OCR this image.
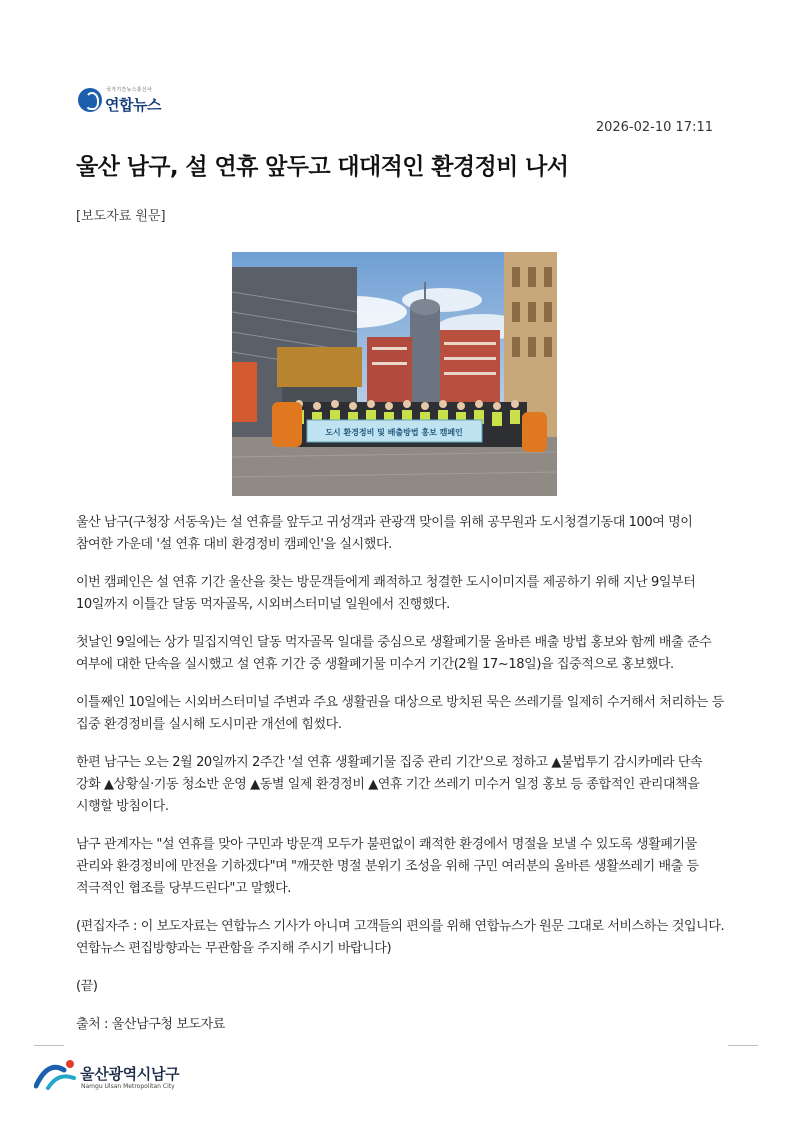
국가기간뉴스통신사
연합뉴스
2026-02-10 17:11
울산 남구, 설 연휴 앞두고 대대적인 환경정비 나서
[보도자료 원문]
도시 환경정비 및 배출방법 홍보 캠페인

울산 남구(구청장 서동욱)는 설 연휴를 앞두고 귀성객과 관광객 맞이를 위해 공무원과 도시청결기동대 100여 명이 참여한 가운데 '설 연휴 대비 환경정비 캠페인'을 실시했다.

이번 캠페인은 설 연휴 기간 울산을 찾는 방문객들에게 쾌적하고 청결한 도시이미지를 제공하기 위해 지난 9일부터 10일까지 이틀간 달동 먹자골목, 시외버스터미널 일원에서 진행했다.

첫날인 9일에는 상가 밀집지역인 달동 먹자골목 일대를 중심으로 생활폐기물 올바른 배출 방법 홍보와 함께 배출 준수 여부에 대한 단속을 실시했고 설 연휴 기간 중 생활폐기물 미수거 기간(2월 17~18일)을 집중적으로 홍보했다.

이틀째인 10일에는 시외버스터미널 주변과 주요 생활권을 대상으로 방치된 묵은 쓰레기를 일제히 수거해서 처리하는 등 집중 환경정비를 실시해 도시미관 개선에 힘썼다.

한편 남구는 오는 2월 20일까지 2주간 '설 연휴 생활폐기물 집중 관리 기간'으로 정하고 ▲불법투기 감시카메라 단속 강화 ▲상황실·기동 청소반 운영 ▲동별 일제 환경정비 ▲연휴 기간 쓰레기 미수거 일정 홍보 등 종합적인 관리대책을 시행할 방침이다.

남구 관계자는 "설 연휴를 맞아 구민과 방문객 모두가 불편없이 쾌적한 환경에서 명절을 보낼 수 있도록 생활폐기물 관리와 환경정비에 만전을 기하겠다"며 "깨끗한 명절 분위기 조성을 위해 구민 여러분의 올바른 생활쓰레기 배출 등 적극적인 협조를 당부드린다"고 말했다.

(편집자주 : 이 보도자료는 연합뉴스 기사가 아니며 고객들의 편의를 위해 연합뉴스가 원문 그대로 서비스하는 것입니다. 연합뉴스 편집방향과는 무관함을 주지해 주시기 바랍니다)

(끝)

출처 : 울산남구청 보도자료

울산광역시남구
Namgu Ulsan Metropolitan City
